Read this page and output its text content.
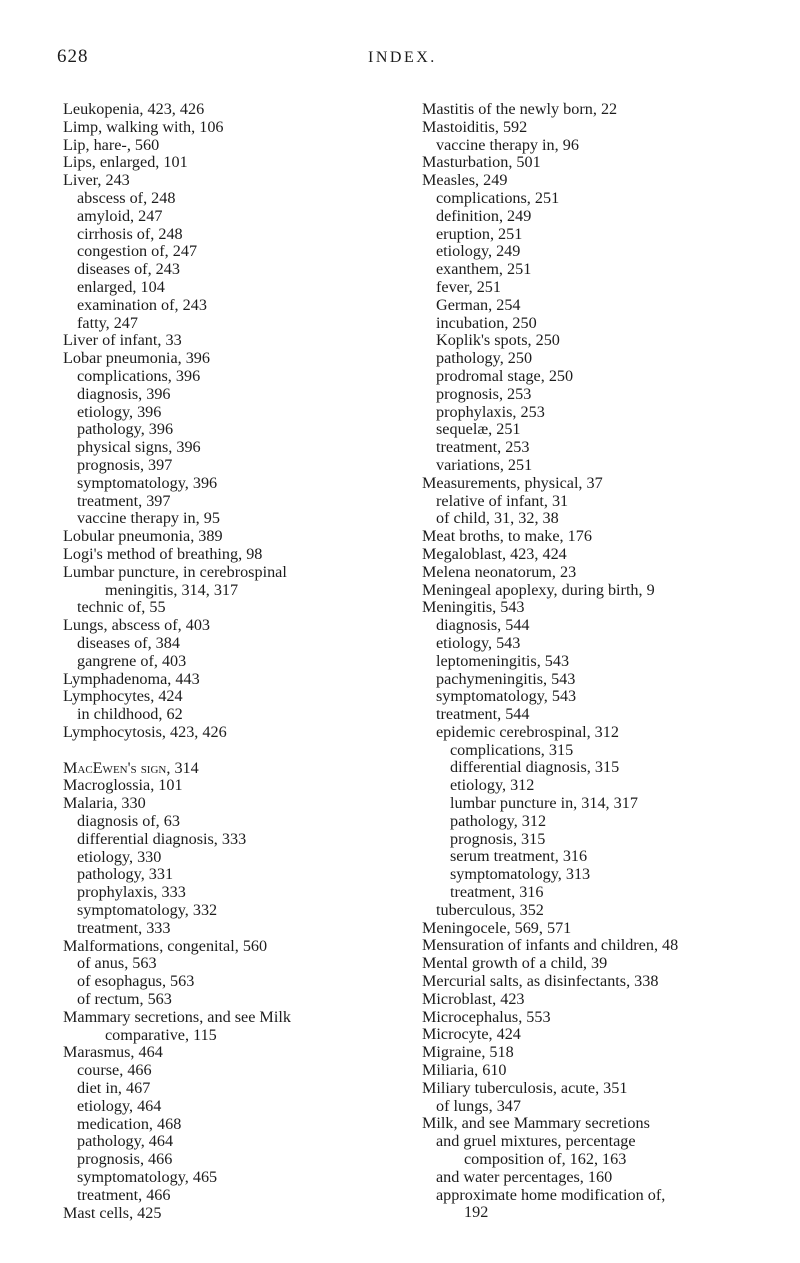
628	INDEX.
Leukopenia, 423, 426
Limp, walking with, 106
Lip, hare-, 560
Lips, enlarged, 101
Liver, 243
abscess of, 248
amyloid, 247
cirrhosis of, 248
congestion of, 247
diseases of, 243
enlarged, 104
examination of, 243
fatty, 247
Liver of infant, 33
Lobar pneumonia, 396
complications, 396
diagnosis, 396
etiology, 396
pathology, 396
physical signs, 396
prognosis, 397
symptomatology, 396
treatment, 397
vaccine therapy in, 95
Lobular pneumonia, 389
Logi's method of breathing, 98
Lumbar puncture, in cerebrospinal
meningitis, 314, 317
technic of, 55
Lungs, abscess of, 403
diseases of, 384
gangrene of, 403
Lymphadenoma, 443
Lymphocytes, 424
in childhood, 62
Lymphocytosis, 423, 426
MacEwen's sign, 314
Macroglossia, 101
Malaria, 330
diagnosis of, 63
differential diagnosis, 333
etiology, 330
pathology, 331
prophylaxis, 333
symptomatology, 332
treatment, 333
Malformations, congenital, 560
of anus, 563
of esophagus, 563
of rectum, 563
Mammary secretions, and see Milk
comparative, 115
Marasmus, 464
course, 466
diet in, 467
etiology, 464
medication, 468
pathology, 464
prognosis, 466
symptomatology, 465
treatment, 466
Mast cells, 425
Mastitis of the newly born, 22
Mastoiditis, 592
vaccine therapy in, 96
Masturbation, 501
Measles, 249
complications, 251
definition, 249
eruption, 251
etiology, 249
exanthem, 251
fever, 251
German, 254
incubation, 250
Koplik's spots, 250
pathology, 250
prodromal stage, 250
prognosis, 253
prophylaxis, 253
sequelæ, 251
treatment, 253
variations, 251
Measurements, physical, 37
relative of infant, 31
of child, 31, 32, 38
Meat broths, to make, 176
Megaloblast, 423, 424
Melena neonatorum, 23
Meningeal apoplexy, during birth, 9
Meningitis, 543
diagnosis, 544
etiology, 543
leptomeningitis, 543
pachymeningitis, 543
symptomatology, 543
treatment, 544
epidemic cerebrospinal, 312
complications, 315
differential diagnosis, 315
etiology, 312
lumbar puncture in, 314, 317
pathology, 312
prognosis, 315
serum treatment, 316
symptomatology, 313
treatment, 316
tuberculous, 352
Meningocele, 569, 571
Mensuration of infants and children, 48
Mental growth of a child, 39
Mercurial salts, as disinfectants, 338
Microblast, 423
Microcephalus, 553
Microcyte, 424
Migraine, 518
Miliaria, 610
Miliary tuberculosis, acute, 351
of lungs, 347
Milk, and see Mammary secretions
and gruel mixtures, percentage
composition of, 162, 163
and water percentages, 160
approximate home modification of,
192
